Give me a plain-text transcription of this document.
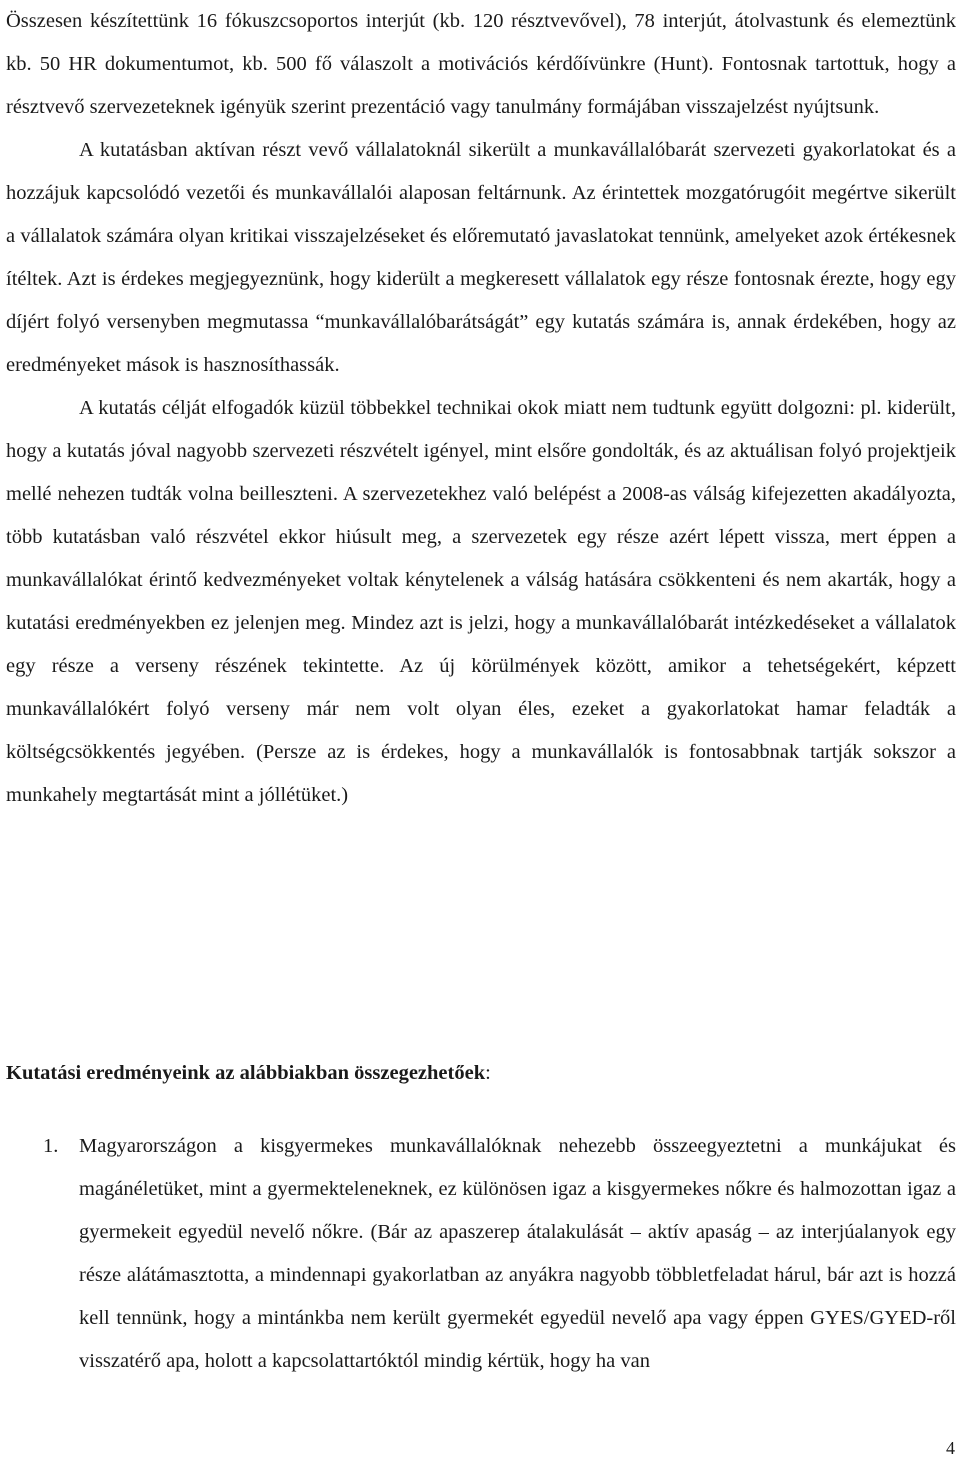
Összesen készítettünk 16 fókuszcsoportos interjút (kb. 120 résztvevővel), 78 interjút, átolvastunk és elemeztünk kb. 50 HR dokumentumot, kb. 500 fő válaszolt a motivációs kérdőívünkre (Hunt). Fontosnak tartottuk, hogy a résztvevő szervezeteknek igényük szerint prezentáció vagy tanulmány formájában visszajelzést nyújtsunk.

A kutatásban aktívan részt vevő vállalatoknál sikerült a munkavállalóbarát szervezeti gyakorlatokat és a hozzájuk kapcsolódó vezetői és munkavállalói alaposan feltárnunk. Az érintettek mozgatórugóit megértve sikerült a vállalatok számára olyan kritikai visszajelzéseket és előremutató javaslatokat tennünk, amelyeket azok értékesnek ítéltek. Azt is érdekes megjegyeznünk, hogy kiderült a megkeresett vállalatok egy része fontosnak érezte, hogy egy díjért folyó versenyben megmutassa “munkavállalóbarátságát” egy kutatás számára is, annak érdekében, hogy az eredményeket mások is hasznosíthassák.

A kutatás célját elfogadók küzül többekkel technikai okok miatt nem tudtunk együtt dolgozni: pl. kiderült, hogy a kutatás jóval nagyobb szervezeti részvételt igényel, mint elsőre gondolták, és az aktuálisan folyó projektjeik mellé nehezen tudták volna beilleszteni. A szervezetekhez való belépést a 2008-as válság kifejezetten akadályozta, több kutatásban való részvétel ekkor hiúsult meg, a szervezetek egy része azért lépett vissza, mert éppen a munkavállalókat érintő kedvezményeket voltak kénytelenek a válság hatására csökkenteni és nem akarták, hogy a kutatási eredményekben ez jelenjen meg. Mindez azt is jelzi, hogy a munkavállalóbarát intézkedéseket a vállalatok egy része a verseny részének tekintette. Az új körülmények között, amikor a tehetségekért, képzett munkavállalókért folyó verseny már nem volt olyan éles, ezeket a gyakorlatokat hamar feladták a költségcsökkentés jegyében. (Persze az is érdekes, hogy a munkavállalók is fontosabbnak tartják sokszor a munkahely megtartását mint a jóllétüket.)

Kutatási eredményeink az alábbiakban összegezhetőek:
1. Magyarországon a kisgyermekes munkavállalóknak nehezebb összeegyeztetni a munkájukat és magánéletüket, mint a gyermekteleneknek, ez különösen igaz a kisgyermekes nőkre és halmozottan igaz a gyermekeit egyedül nevelő nőkre. (Bár az apaszerep átalakulását – aktív apaság – az interjúalanyok egy része alátámasztotta, a mindennapi gyakorlatban az anyákra nagyobb többletfeladat hárul, bár azt is hozzá kell tennünk, hogy a mintánkba nem került gyermekét egyedül nevelő apa vagy éppen GYES/GYED-ről visszatérő apa, holott a kapcsolattartóktól mindig kértük, hogy ha van
4
